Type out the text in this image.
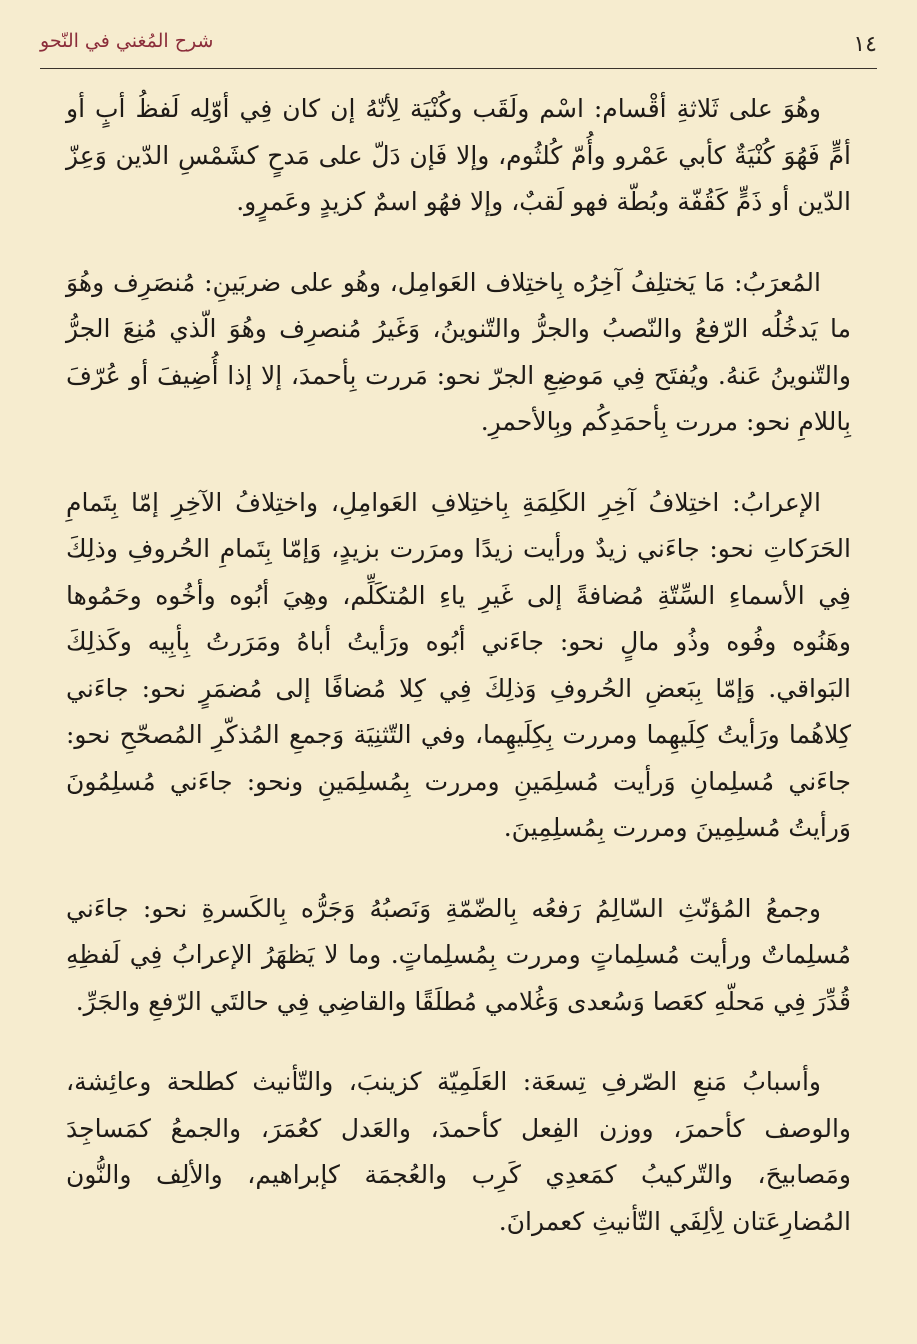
شرح المُغني في النّحو	١٤

وهُوَ على ثَلاثةِ أقْسام: اسْم ولَقَب وكُنْيَة لِأنّهُ إن كان فِي أوّلِه لَفظُ أبٍ أو أمٍّ فَهُوَ كُنْيَةٌ كأبي عَمْرو وأُمّ كُلثُوم، وإلا فَإن دَلّ على مَدحٍ كشَمْسِ الدّين وَعِزّ الدّين أو ذَمٍّ كَقُفّة وبُطّة فهو لَقبٌ، وإلا فهُو اسمٌ كزيدٍ وعَمرٍو.

المُعرَبُ: مَا يَختلِفُ آخِرُه بِاختِلاف العَوامِل، وهُو على ضربَينِ: مُنصَرِف وهُوَ ما يَدخُلُه الرّفعُ والنّصبُ والجرُّ والتّنوينُ، وَغَيرُ مُنصرِف وهُوَ الّذي مُنِعَ الجرُّ والتّنوينُ عَنهُ. ويُفتَح فِي مَوضِعِ الجرّ نحو: مَررت بِأحمدَ، إلا إذا أُضِيفَ أو عُرّفَ بِاللامِ نحو: مررت بِأحمَدِكُم وبِالأحمرِ.

الإعرابُ: اختِلافُ آخِرِ الكَلِمَةِ بِاختِلافِ العَوامِلِ، واختِلافُ الآخِرِ إمّا بِتَمامِ الحَرَكاتِ نحو: جاءَني زيدٌ ورأيت زيدًا ومرَرت بزيدٍ، وَإمّا بِتَمامِ الحُروفِ وذلِكَ فِي الأسماءِ السِّتّةِ مُضافةً إلى غَيرِ ياءِ المُتكَلِّم، وهِيَ أبُوه وأخُوه وحَمُوها وهَنُوه وفُوه وذُو مالٍ نحو: جاءَني أبُوه ورَأيتُ أباهُ ومَرَرتُ بِأبِيه وكَذلِكَ البَواقي. وَإمّا بِبَعضِ الحُروفِ وَذلِكَ فِي كِلا مُضافًا إلى مُضمَرٍ نحو: جاءَني كِلاهُما ورَأيتُ كِلَيهِما ومررت بِكِلَيهِما، وفي التّثنِيَة وَجمعِ المُذكّرِ المُصحّحِ نحو: جاءَني مُسلِمانِ وَرأيت مُسلِمَينِ ومررت بِمُسلِمَينِ ونحو: جاءَني مُسلِمُونَ وَرأيتُ مُسلِمِينَ ومررت بِمُسلِمِينَ.

وجمعُ المُؤنّثِ السّالِمُ رَفعُه بِالضّمّةِ وَنَصبُهُ وَجَرُّه بِالكَسرةِ نحو: جاءَني مُسلِماتٌ ورأيت مُسلِماتٍ ومررت بِمُسلِماتٍ. وما لا يَظهَرُ الإعرابُ فِي لَفظِهِ قُدِّرَ فِي مَحلّهِ كعَصا وَسُعدى وَغُلامي مُطلَقًا والقاضِي فِي حالتَي الرّفعِ والجَرِّ.

وأسبابُ مَنعِ الصّرفِ تِسعَة: العَلَمِيّة كزينبَ، والتّأنيث كطلحة وعائِشة، والوصف كأحمرَ، ووزن الفِعل كأحمدَ، والعَدل كعُمَرَ، والجمعُ كمَساجِدَ ومَصابيحَ، والتّركيبُ كمَعدِي كَرِب والعُجمَة كإبراهيم، والألِف والنُّون المُضارِعَتان لِألِفَي التّأنيثِ كعمرانَ.
